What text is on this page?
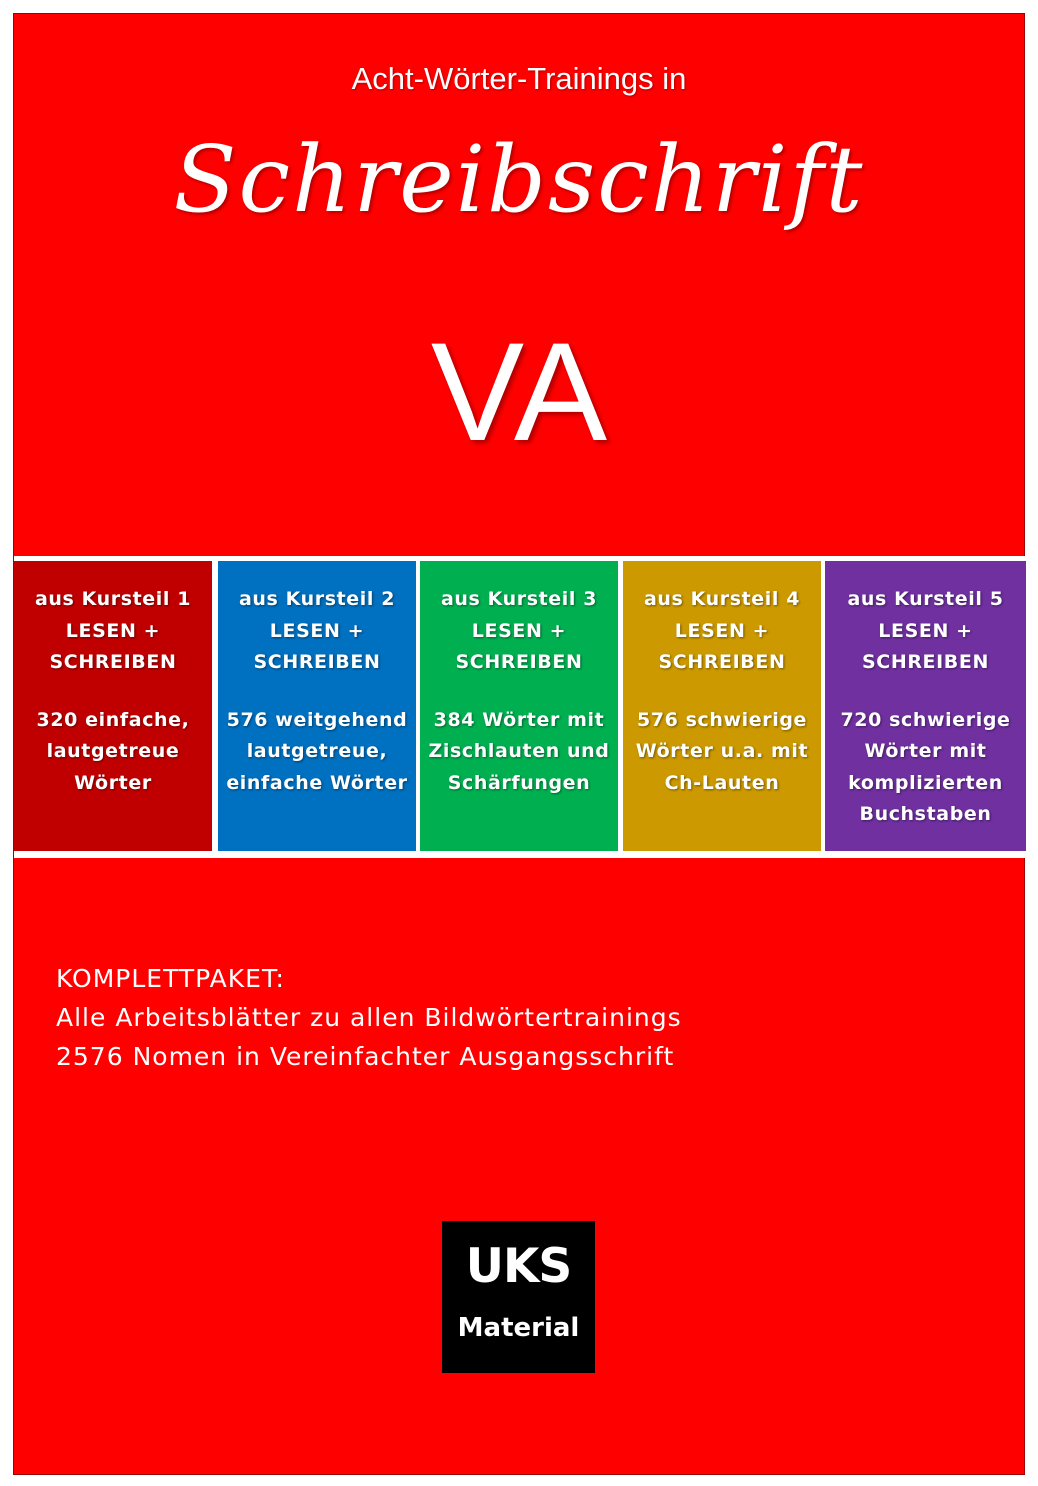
Acht-Wörter-Trainings in
Schreibschrift
VA
aus Kursteil 1
LESEN +
SCHREIBEN
320 einfache,
lautgetreue
Wörter
aus Kursteil 2
LESEN +
SCHREIBEN
576 weitgehend
lautgetreue,
einfache Wörter
aus Kursteil 3
LESEN +
SCHREIBEN
384 Wörter mit
Zischlauten und
Schärfungen
aus Kursteil 4
LESEN +
SCHREIBEN
576 schwierige
Wörter u.a. mit
Ch-Lauten
aus Kursteil 5
LESEN +
SCHREIBEN
720 schwierige
Wörter mit
komplizierten
Buchstaben
KOMPLETTPAKET:
Alle Arbeitsblätter zu allen Bildwörtertrainings
2576 Nomen in Vereinfachter Ausgangsschrift
UKS
Material
